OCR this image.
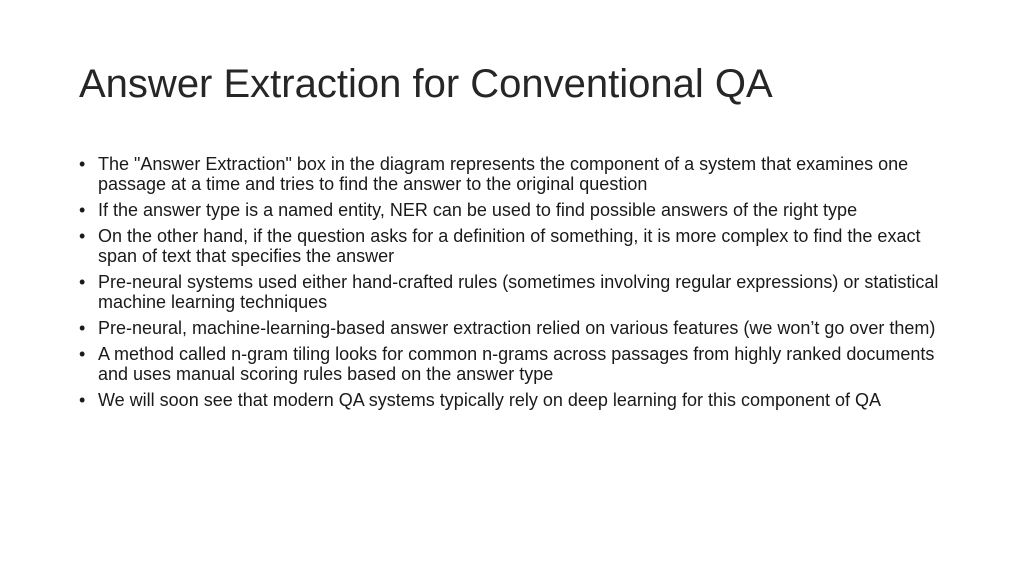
Answer Extraction for Conventional QA
• The "Answer Extraction" box in the diagram represents the component of a system that examines one passage at a time and tries to find the answer to the original question
• If the answer type is a named entity, NER can be used to find possible answers of the right type
• On the other hand, if the question asks for a definition of something, it is more complex to find the exact span of text that specifies the answer
• Pre-neural systems used either hand-crafted rules (sometimes involving regular expressions) or statistical machine learning techniques
• Pre-neural, machine-learning-based answer extraction relied on various features (we won’t go over them)
• A method called n-gram tiling looks for common n-grams across passages from highly ranked documents and uses manual scoring rules based on the answer type
• We will soon see that modern QA systems typically rely on deep learning for this component of QA
